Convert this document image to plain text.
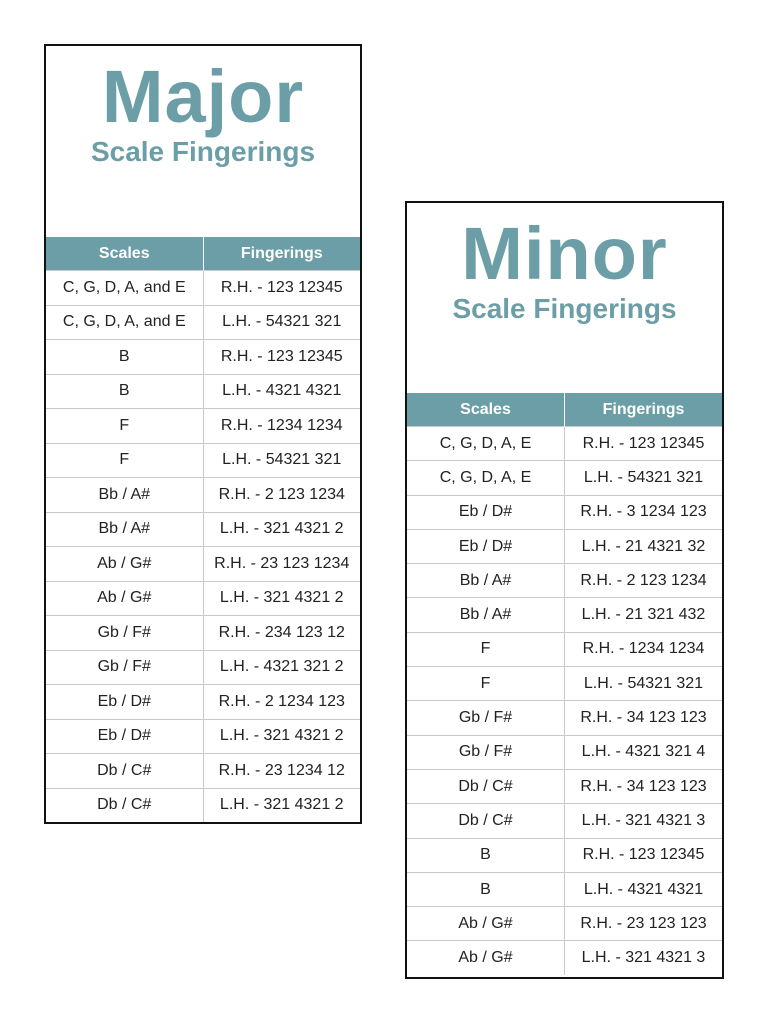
Major
Scale Fingerings
Scales	Fingerings
C, G, D, A, and E	R.H. - 123 12345
C, G, D, A, and E	L.H. - 54321 321
B	R.H. - 123 12345
B	L.H. - 4321 4321
F	R.H. - 1234 1234
F	L.H. - 54321 321
Bb / A#	R.H. - 2 123 1234
Bb / A#	L.H. - 321 4321 2
Ab / G#	R.H. - 23 123 1234
Ab / G#	L.H. - 321 4321 2
Gb / F#	R.H. - 234 123 12
Gb / F#	L.H. - 4321 321 2
Eb / D#	R.H. - 2 1234 123
Eb / D#	L.H. - 321 4321 2
Db / C#	R.H. - 23 1234 12
Db / C#	L.H. - 321 4321 2
Minor
Scale Fingerings
Scales	Fingerings
C, G, D, A, E	R.H. - 123 12345
C, G, D, A, E	L.H. - 54321 321
Eb / D#	R.H. - 3 1234 123
Eb / D#	L.H. - 21 4321 32
Bb / A#	R.H. - 2 123 1234
Bb / A#	L.H. - 21 321 432
F	R.H. - 1234 1234
F	L.H. - 54321 321
Gb / F#	R.H. - 34 123 123
Gb / F#	L.H. - 4321 321 4
Db / C#	R.H. - 34 123 123
Db / C#	L.H. - 321 4321 3
B	R.H. - 123 12345
B	L.H. - 4321 4321
Ab / G#	R.H. - 23 123 123
Ab / G#	L.H. - 321 4321 3
